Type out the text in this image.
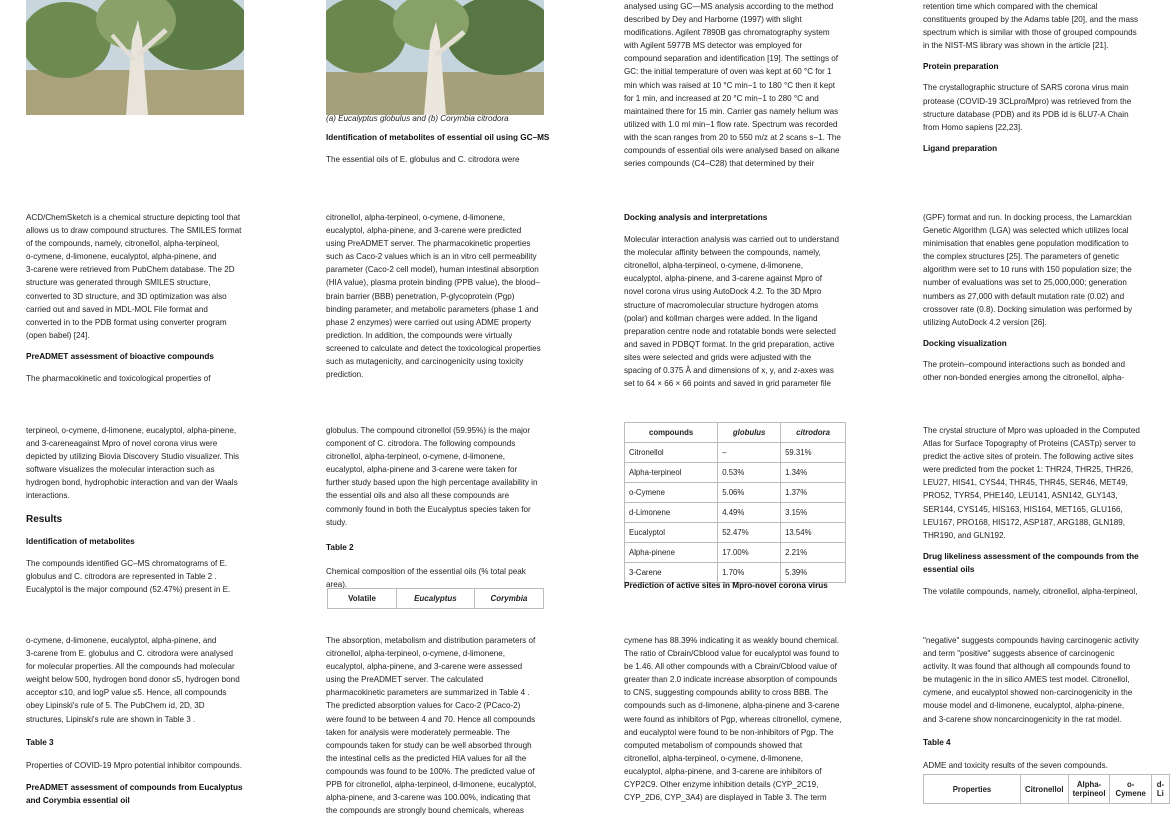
(a) Eucalyptus globulus and (b) Corymbia citrodora

Identification of metabolites of essential oil using GC–MS

The essential oils of E. globulus and C. citrodora were

analysed using GC—MS analysis according to the method

described by Dey and Harborne (1997) with slight

modifications. Agilent 7890B gas chromatography system

with Agilent 5977B MS detector was employed for

compound separation and identification [19]. The settings of

GC: the initial temperature of oven was kept at 60 °C for 1

min which was raised at 10 °C min−1 to 180 °C then it kept

for 1 min, and increased at 20 °C min−1 to 280 °C and

maintained there for 15 min. Carrier gas namely helium was

utilized with 1.0 ml min−1 flow rate. Spectrum was recorded

with the scan ranges from 20 to 550 m/z at 2 scans s−1. The

compounds of essential oils were analysed based on alkane

series compounds (C4–C28) that determined by their

retention time which compared with the chemical

constituents grouped by the Adams table [20], and the mass

spectrum which is similar with those of grouped compounds

in the NIST-MS library was shown in the article [21].

Protein preparation

The crystallographic structure of SARS corona virus main

protease (COVID-19 3CLpro/Mpro) was retrieved from the

structure database (PDB) and its PDB id is 6LU7-A Chain

from Homo sapiens [22,23].

Ligand preparation

ACD/ChemSketch is a chemical structure depicting tool that

allows us to draw compound structures. The SMILES format

of the compounds, namely, citronellol, alpha-terpineol,

o-cymene, d-limonene, eucalyptol, alpha-pinene, and

3-carene were retrieved from PubChem database. The 2D

structure was generated through SMILES structure,

converted to 3D structure, and 3D optimization was also

carried out and saved in MDL-MOL File format and

converted in to the PDB format using converter program

(open babel) [24].

PreADMET assessment of bioactive compounds

The pharmacokinetic and toxicological properties of

citronellol, alpha-terpineol, o-cymene, d-limonene,

eucalyptol, alpha-pinene, and 3-carene were predicted

using PreADMET server. The pharmacokinetic properties

such as Caco-2 values which is an in vitro cell permeability

parameter (Caco-2 cell model), human intestinal absorption

(HIA value), plasma protein binding (PPB value), the blood–

brain barrier (BBB) penetration, P-glycoprotein (Pgp)

binding parameter, and metabolic parameters (phase 1 and

phase 2 enzymes) were carried out using ADME property

prediction. In addition, the compounds were virtually

screened to calculate and detect the toxicological properties

such as mutagenicity, and carcinogenicity using toxicity

prediction.

Docking analysis and interpretations

Molecular interaction analysis was carried out to understand

the molecular affinity between the compounds, namely,

citronellol, alpha-terpineol, o-cymene, d-limonene,

eucalyptol, alpha-pinene, and 3-carene against Mpro of

novel corona virus using AutoDock 4.2. To the 3D Mpro

structure of macromolecular structure hydrogen atoms

(polar) and kollman charges were added. In the ligand

preparation centre node and rotatable bonds were selected

and saved in PDBQT format. In the grid preparation, active

sites were selected and grids were adjusted with the

spacing of 0.375 Å and dimensions of x, y, and z-axes was

set to 64 × 66 × 66 points and saved in grid parameter file

(GPF) format and run. In docking process, the Lamarckian

Genetic Algorithm (LGA) was selected which utilizes local

minimisation that enables gene population modification to

the complex structures [25]. The parameters of genetic

algorithm were set to 10 runs with 150 population size; the

number of evaluations was set to 25,000,000; generation

numbers as 27,000 with default mutation rate (0.02) and

crossover rate (0.8). Docking simulation was performed by

utilizing AutoDock 4.2 version [26].

Docking visualization

The protein–compound interactions such as bonded and

other non-bonded energies among the citronellol, alpha-

terpineol, o-cymene, d-limonene, eucalyptol, alpha-pinene,

and 3-careneagainst Mpro of novel corona virus were

depicted by utilizing Biovia Discovery Studio visualizer. This

software visualizes the molecular interaction such as

hydrogen bond, hydrophobic interaction and van der Waals

interactions.

Results

Identification of metabolites

The compounds identified GC–MS chromatograms of E.

globulus and C. citrodora are represented in Table 2 .

Eucalyptol is the major compound (52.47%) present in E.

globulus. The compound citronellol (59.95%) is the major

component of C. citrodora. The following compounds

citronellol, alpha-terpineol, o-cymene, d-limonene,

eucalyptol, alpha-pinene and 3-carene were taken for

further study based upon the high percentage availability in

the essential oils and also all these compounds are

commonly found in both the Eucalyptus species taken for

study.

Table 2

Chemical composition of the essential oils (% total peak area).

Volatile	Eucalyptus	Corymbia
compounds	globulus	citrodora
Citronellol	–	59.31%
Alpha-terpineol	0.53%	1.34%
o-Cymene	5.06%	1.37%
d-Limonene	4.49%	3.15%
Eucalyptol	52.47%	13.54%
Alpha-pinene	17.00%	2.21%
3-Carene	1.70%	5.39%

Prediction of active sites in Mpro-novel corona virus

The crystal structure of Mpro was uploaded in the Computed

Atlas for Surface Topography of Proteins (CASTp) server to

predict the active sites of protein. The following active sites

were predicted from the pocket 1: THR24, THR25, THR26,

LEU27, HIS41, CYS44, THR45, THR45, SER46, MET49,

PRO52, TYR54, PHE140, LEU141, ASN142, GLY143,

SER144, CYS145, HIS163, HIS164, MET165, GLU166,

LEU167, PRO168, HIS172, ASP187, ARG188, GLN189,

THR190, and GLN192.

Drug likeliness assessment of the compounds from the essential oils

The volatile compounds, namely, citronellol, alpha-terpineol,

o-cymene, d-limonene, eucalyptol, alpha-pinene, and

3-carene from E. globulus and C. citrodora were analysed

for molecular properties. All the compounds had molecular

weight below 500, hydrogen bond donor ≤5, hydrogen bond

acceptor ≤10, and logP value ≤5. Hence, all compounds

obey Lipinski's rule of 5. The PubChem id, 2D, 3D

structures, Lipinski's rule are shown in Table 3 .

Table 3

Properties of COVID-19 Mpro potential inhibitor compounds.

PreADMET assessment of compounds from Eucalyptus and Corymbia essential oil

The absorption, metabolism and distribution parameters of

citronellol, alpha-terpineol, o-cymene, d-limonene,

eucalyptol, alpha-pinene, and 3-carene were assessed

using the PreADMET server. The calculated

pharmacokinetic parameters are summarized in Table 4 .

The predicted absorption values for Caco-2 (PCaco-2)

were found to be between 4 and 70. Hence all compounds

taken for analysis were moderately permeable. The

compounds taken for study can be well absorbed through

the intestinal cells as the predicted HIA values for all the

compounds was found to be 100%. The predicted value of

PPB for citronellol, alpha-terpineol, d-limonene, eucalyptol,

alpha-pinene, and 3-carene was 100.00%, indicating that

the compounds are strongly bound chemicals, whereas

cymene has 88.39% indicating it as weakly bound chemical.

The ratio of Cbrain/Cblood value for eucalyptol was found to

be 1.46. All other compounds with a Cbrain/Cblood value of

greater than 2.0 indicate increase absorption of compounds

to CNS, suggesting compounds ability to cross BBB. The

compounds such as d-limonene, alpha-pinene and 3-carene

were found as inhibitors of Pgp, whereas citronellol, cymene,

and eucalyptol were found to be non-inhibitors of Pgp. The

computed metabolism of compounds showed that

citronellol, alpha-terpineol, o-cymene, d-limonene,

eucalyptol, alpha-pinene, and 3-carene are inhibitors of

CYP2C9. Other enzyme inhibition details (CYP_2C19,

CYP_2D6, CYP_3A4) are displayed in Table 3. The term

"negative" suggests compounds having carcinogenic activity

and term "positive" suggests absence of carcinogenic

activity. It was found that although all compounds found to

be mutagenic in the in silico AMES test model. Citronellol,

cymene, and eucalyptol showed non-carcinogenicity in the

mouse model and d-limonene, eucalyptol, alpha-pinene,

and 3-carene show noncarcinogenicity in the rat model.

Table 4

ADME and toxicity results of the seven compounds.

Properties	Citronellol	Alpha-terpineol	o-Cymene	d-Li
